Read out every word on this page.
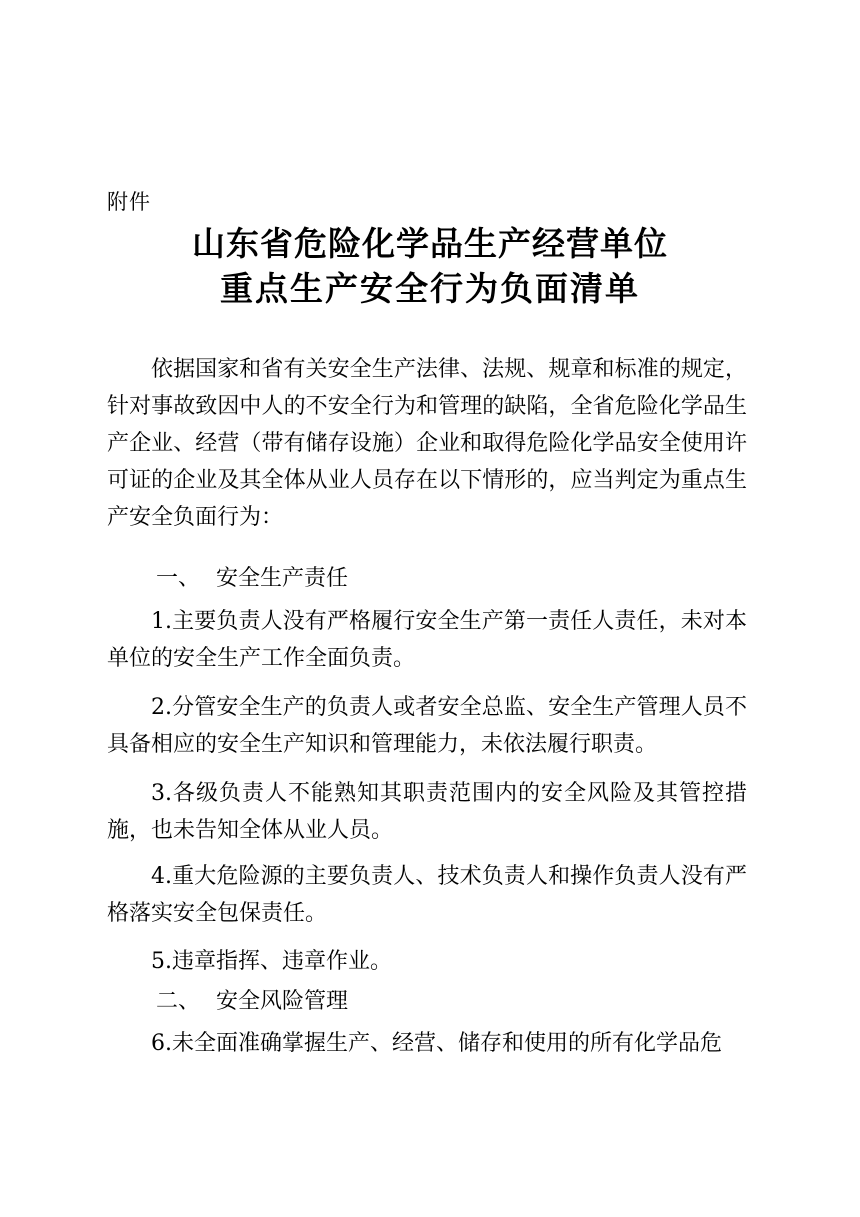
附件
山东省危险化学品生产经营单位
重点生产安全行为负面清单

依据国家和省有关安全生产法律、法规、规章和标准的规定，针对事故致因中人的不安全行为和管理的缺陷，全省危险化学品生产企业、经营（带有储存设施）企业和取得危险化学品安全使用许可证的企业及其全体从业人员存在以下情形的，应当判定为重点生产安全负面行为：

一、 安全生产责任

1.主要负责人没有严格履行安全生产第一责任人责任，未对本单位的安全生产工作全面负责。

2.分管安全生产的负责人或者安全总监、安全生产管理人员不具备相应的安全生产知识和管理能力，未依法履行职责。

3.各级负责人不能熟知其职责范围内的安全风险及其管控措施，也未告知全体从业人员。

4.重大危险源的主要负责人、技术负责人和操作负责人没有严格落实安全包保责任。

5.违章指挥、违章作业。

二、 安全风险管理

6.未全面准确掌握生产、经营、储存和使用的所有化学品危
